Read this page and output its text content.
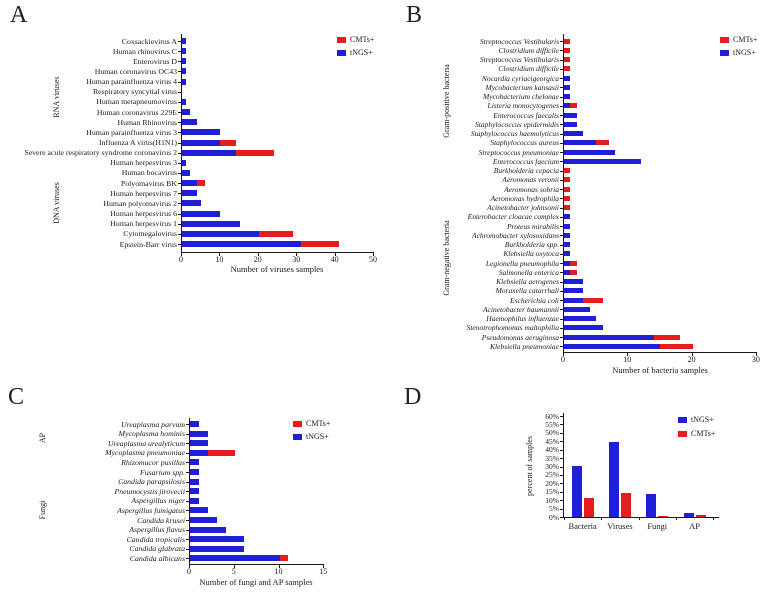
A	B
C	D
0	10	20	30	40	50
Number of viruses samples
Coxsackievirus A
Human rhinovirus C
Enterovirus D
Human coronavirus OC43
Human parainfluenza virus 4
Respiratory syncytial virus
Human metapneumovirus
Human coronavirus 229E
Human Rhinovirus
Human parainfluenza virus 3
Influenza A virus(H1N1)
Severe acute respiratory syndrome coronavirus 2
Human herpesvirus 3
Human bocavirus
Polyomavirus BK
Human herpesvirus 7
Human polyomavirus 2
Human herpesvirus 6
Human herpesvirus 1
Cytomegalovirus
Epstein-Barr virus
RNA viruses
DNA viruses
CMTs+
tNGS+
0	10	20	30
Number of bacteria samples
Streptococcus Vestibularis
Clostridium difficile
Streptococcus Vestibularis
Clostridium difficile
Nocardia cyriacigeorgica
Mycobacterium kansasii
Mycobacterium chelonae
Listeria monocytogenes
Enterococcus faecalis
Staphylococcus epidermidis
Staphylococcus haemolyticus
Staphylococcus aureus
Streptococcus pneumoniae
Enterococcus faecium
Burkholderia cepacia
Aeromonas veronii
Aeromonas sobria
Aeromonas hydrophila
Acinetobacter johnsonii
Enterobacter cloacae complex
Proteus mirabilis
Achromobacter xylosoxidans
Burkholderia spp.
Klebsiella oxytoca
Legionella pneumophila
Salmonella enterica
Klebsiella aerogenes
Moraxella catarrhali
Escherichia coli
Acinetobacter baumannii
Haemophilus influenzae
Stenotrophomonas maltophilia
Pseudomonas aeruginosa
Klebsiella pneumoniae
Gram-positive bacteria
Gram-negative bacteria
CMTs+
tNGS+
0	5	10	15
Number of fungi and AP samples
Ureaplasma parvum
Mycoplasma hominis
Ureaplasma urealyticum
Mycoplasma pneumoniae
Rhizomucor pusillus
Fusarium spp.
Candida parapsilosis
Pneumocystis jirovecii
Aspergillus niger
Aspergillus fumigatus
Candida krusei
Aspergillus flavus
Candida tropicalis
Candida glabrata
Candida albicans
AP
Fungi
CMTs+
tNGS+
0%
5%
10%
15%
20%
25%
30%
35%
40%
45%
50%
55%
60%
Bacteria	Viruses	Fungi	AP
percent of samples
tNGS+
CMTs+
